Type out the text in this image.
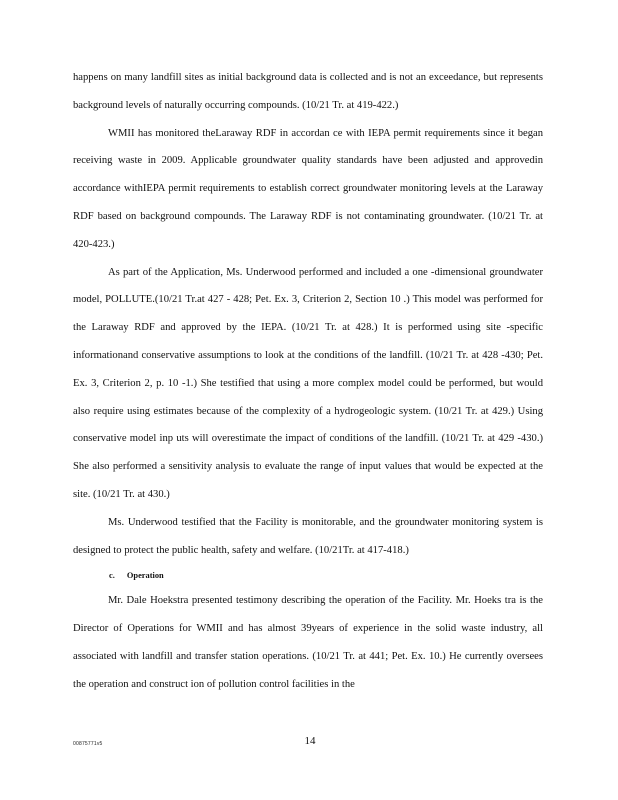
happens on many landfill sites as initial background data is collected and is not an exceedance, but represents background levels of naturally occurring compounds. (10/21 Tr. at 419-422.)

WMII has monitored theLaraway RDF in accordan ce with IEPA permit requirements since it began receiving waste in 2009. Applicable groundwater quality standards have been adjusted and approvedin accordance withIEPA permit requirements to establish correct groundwater monitoring levels at the Laraway RDF based on background compounds. The Laraway RDF is not contaminating groundwater. (10/21 Tr. at 420-423.)

As part of the Application, Ms. Underwood performed and included a one -dimensional groundwater model, POLLUTE.(10/21 Tr.at 427 - 428; Pet. Ex. 3, Criterion 2, Section 10 .) This model was performed for the Laraway RDF and approved by the IEPA. (10/21 Tr. at 428.) It is performed using site -specific informationand conservative assumptions to look at the conditions of the landfill. (10/21 Tr. at 428 -430; Pet. Ex. 3, Criterion 2, p. 10 -1.) She testified that using a more complex model could be performed, but would also require using estimates because of the complexity of a hydrogeologic system. (10/21 Tr. at 429.) Using conservative model inp uts will overestimate the impact of conditions of the landfill. (10/21 Tr. at 429 -430.) She also performed a sensitivity analysis to evaluate the range of input values that would be expected at the site. (10/21 Tr. at 430.)

Ms. Underwood testified that the Facility is monitorable, and the groundwater monitoring system is designed to protect the public health, safety and welfare. (10/21Tr. at 417-418.)

c. Operation

Mr. Dale Hoekstra presented testimony describing the operation of the Facility. Mr. Hoeks tra is the Director of Operations for WMII and has almost 39years of experience in the solid waste industry, all associated with landfill and transfer station operations. (10/21 Tr. at 441; Pet. Ex. 10.) He currently oversees the operation and construct ion of pollution control facilities in the

00875771v5	14
